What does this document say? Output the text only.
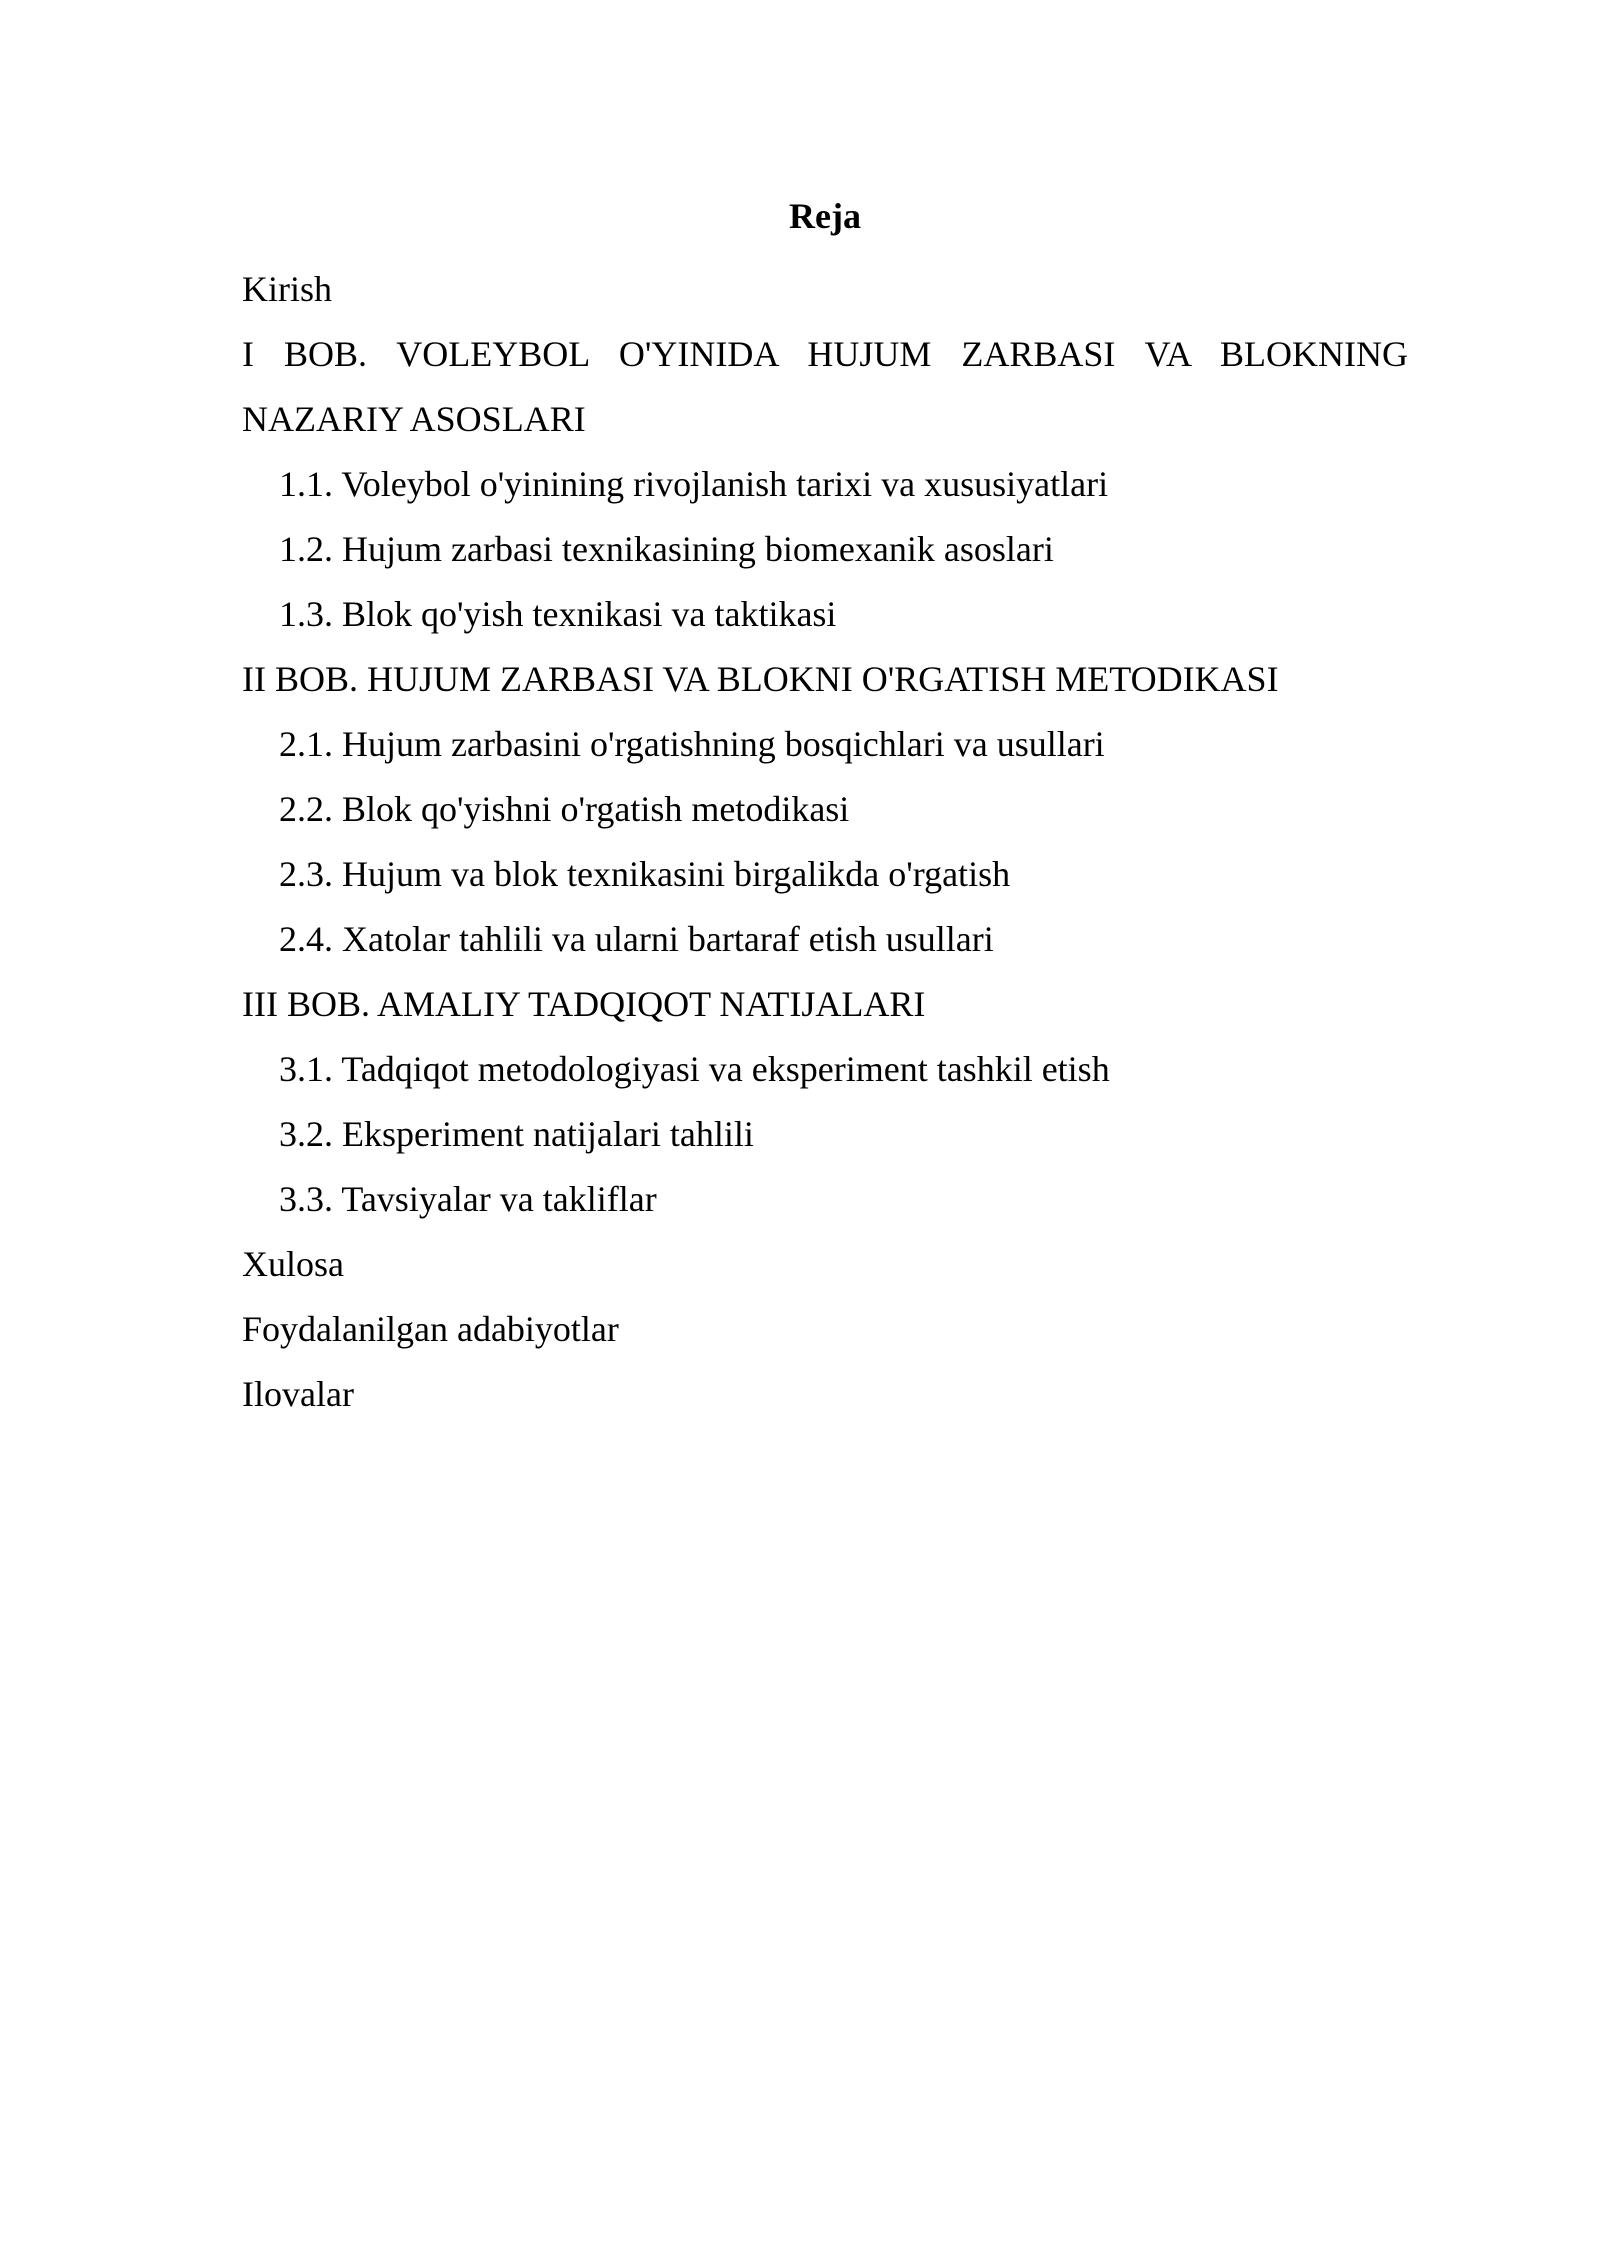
Reja
Kirish
I BOB. VOLEYBOL O'YINIDA HUJUM ZARBASI VA BLOKNING
NAZARIY ASOSLARI
1.1. Voleybol o'yinining rivojlanish tarixi va xususiyatlari
1.2. Hujum zarbasi texnikasining biomexanik asoslari
1.3. Blok qo'yish texnikasi va taktikasi
II BOB. HUJUM ZARBASI VA BLOKNI O'RGATISH METODIKASI
2.1. Hujum zarbasini o'rgatishning bosqichlari va usullari
2.2. Blok qo'yishni o'rgatish metodikasi
2.3. Hujum va blok texnikasini birgalikda o'rgatish
2.4. Xatolar tahlili va ularni bartaraf etish usullari
III BOB. AMALIY TADQIQOT NATIJALARI
3.1. Tadqiqot metodologiyasi va eksperiment tashkil etish
3.2. Eksperiment natijalari tahlili
3.3. Tavsiyalar va takliflar
Xulosa
Foydalanilgan adabiyotlar
Ilovalar
